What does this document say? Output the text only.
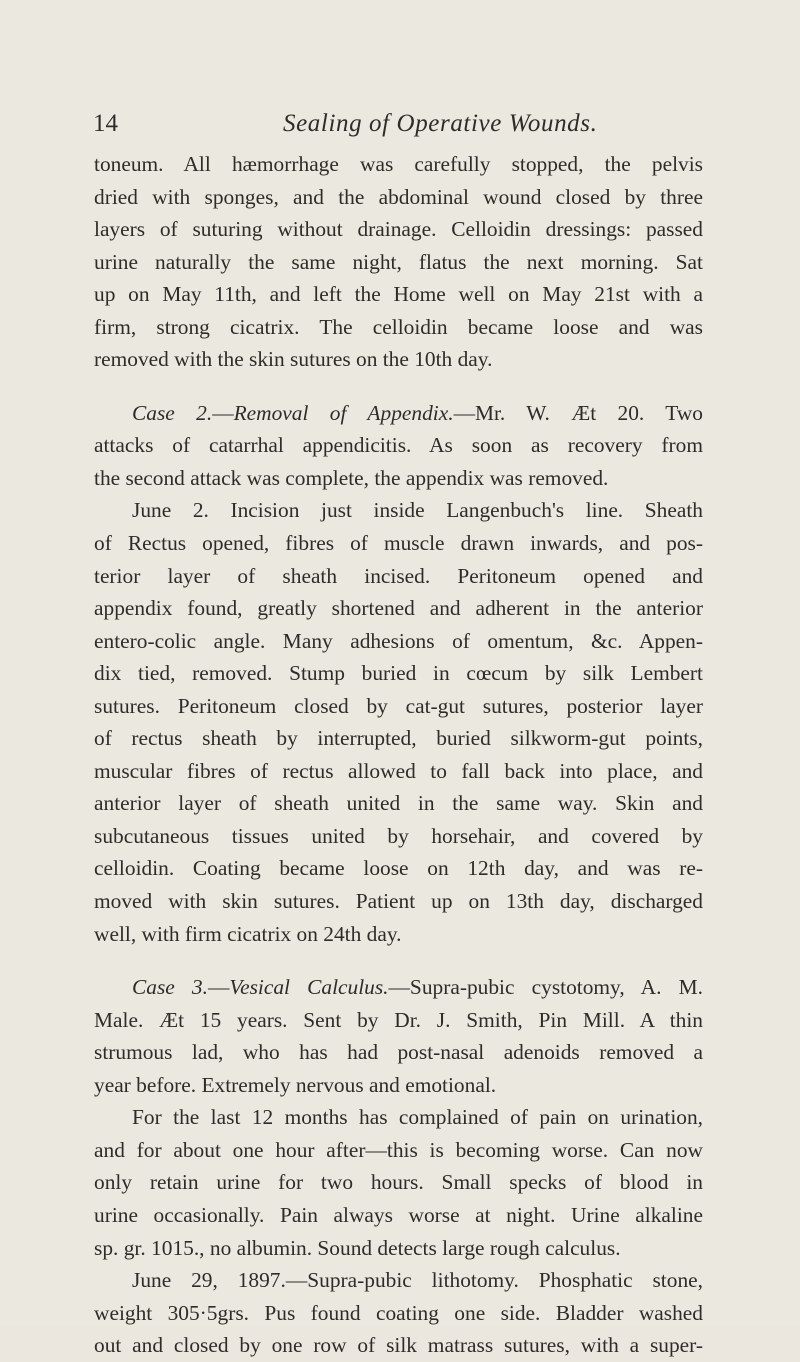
14	Sealing of Operative Wounds.
toneum. All hæmorrhage was carefully stopped, the pelvis
dried with sponges, and the abdominal wound closed by three
layers of suturing without drainage. Celloidin dressings: passed
urine naturally the same night, flatus the next morning. Sat
up on May 11th, and left the Home well on May 21st with a
firm, strong cicatrix. The celloidin became loose and was
removed with the skin sutures on the 10th day.
Case 2.—Removal of Appendix.—Mr. W. Æt 20. Two
attacks of catarrhal appendicitis. As soon as recovery from
the second attack was complete, the appendix was removed.
June 2. Incision just inside Langenbuch's line. Sheath
of Rectus opened, fibres of muscle drawn inwards, and pos-
terior layer of sheath incised. Peritoneum opened and
appendix found, greatly shortened and adherent in the anterior
entero-colic angle. Many adhesions of omentum, &c. Appen-
dix tied, removed. Stump buried in cœcum by silk Lembert
sutures. Peritoneum closed by cat-gut sutures, posterior layer
of rectus sheath by interrupted, buried silkworm-gut points,
muscular fibres of rectus allowed to fall back into place, and
anterior layer of sheath united in the same way. Skin and
subcutaneous tissues united by horsehair, and covered by
celloidin. Coating became loose on 12th day, and was re-
moved with skin sutures. Patient up on 13th day, discharged
well, with firm cicatrix on 24th day.
Case 3.—Vesical Calculus.—Supra-pubic cystotomy, A. M.
Male. Æt 15 years. Sent by Dr. J. Smith, Pin Mill. A thin
strumous lad, who has had post-nasal adenoids removed a
year before. Extremely nervous and emotional.
For the last 12 months has complained of pain on urination,
and for about one hour after—this is becoming worse. Can now
only retain urine for two hours. Small specks of blood in
urine occasionally. Pain always worse at night. Urine alkaline
sp. gr. 1015., no albumin. Sound detects large rough calculus.
June 29, 1897.—Supra-pubic lithotomy. Phosphatic stone,
weight 305·5grs. Pus found coating one side. Bladder washed
out and closed by one row of silk matrass sutures, with a super-
